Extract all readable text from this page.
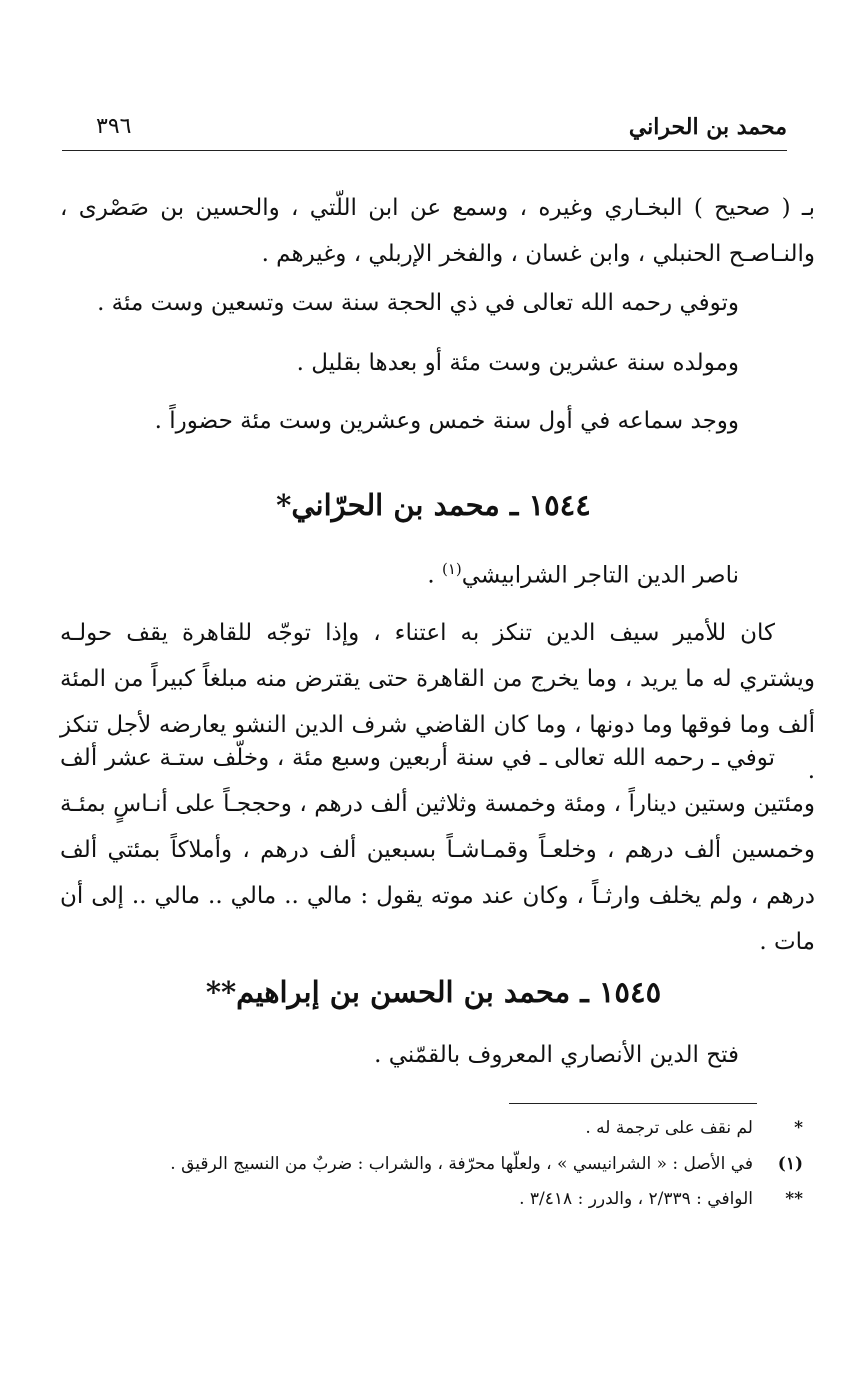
محمد بن الحراني
٣٩٦

بـ ( صحيح ) البخـاري وغيره ، وسمع عن ابن اللّتي ، والحسين بن صَصْرى ، والنـاصـح الحنبلي ، وابن غسان ، والفخر الإربلي ، وغيرهم .

وتوفي رحمه الله تعالى في ذي الحجة سنة ست وتسعين وست مئة .

ومولده سنة عشرين وست مئة أو بعدها بقليل .

ووجد سماعه في أول سنة خمس وعشرين وست مئة حضوراً .

١٥٤٤ ـ محمد بن الحرّاني*

ناصر الدين التاجر الشرابيشي$^{(١)}$ .

كان للأمير سيف الدين تنكز به اعتناء ، وإذا توجّه للقاهرة يقف حولـه ويشتري له ما يريد ، وما يخرج من القاهرة حتى يقترض منه مبلغاً كبيراً من المئة ألف وما فوقها وما دونها ، وما كان القاضي شرف الدين النشو يعارضه لأجل تنكز .

توفي ـ رحمه الله تعالى ـ في سنة أربعين وسبع مئة ، وخلّف ستـة عشر ألف ومئتين وستين ديناراً ، ومئة وخمسة وثلاثين ألف درهم ، وحججـاً على أنـاسٍ بمئـة وخمسين ألف درهم ، وخلعـاً وقمـاشـاً بسبعين ألف درهم ، وأملاكاً بمئتي ألف درهم ، ولم يخلف وارثـاً ، وكان عند موته يقول : مالي .. مالي .. مالي .. إلى أن مات .

١٥٤٥ ـ محمد بن الحسن بن إبراهيم**

فتح الدين الأنصاري المعروف بالقمّني .

*
لم نقف على ترجمة له .

(١)
في الأصل : « الشرانيسي » ، ولعلّها محرّفة ، والشراب : ضربٌ من النسيج الرقيق .

**
الوافي : ٢/٣٣٩ ، والدرر : ٣/٤١٨ .
